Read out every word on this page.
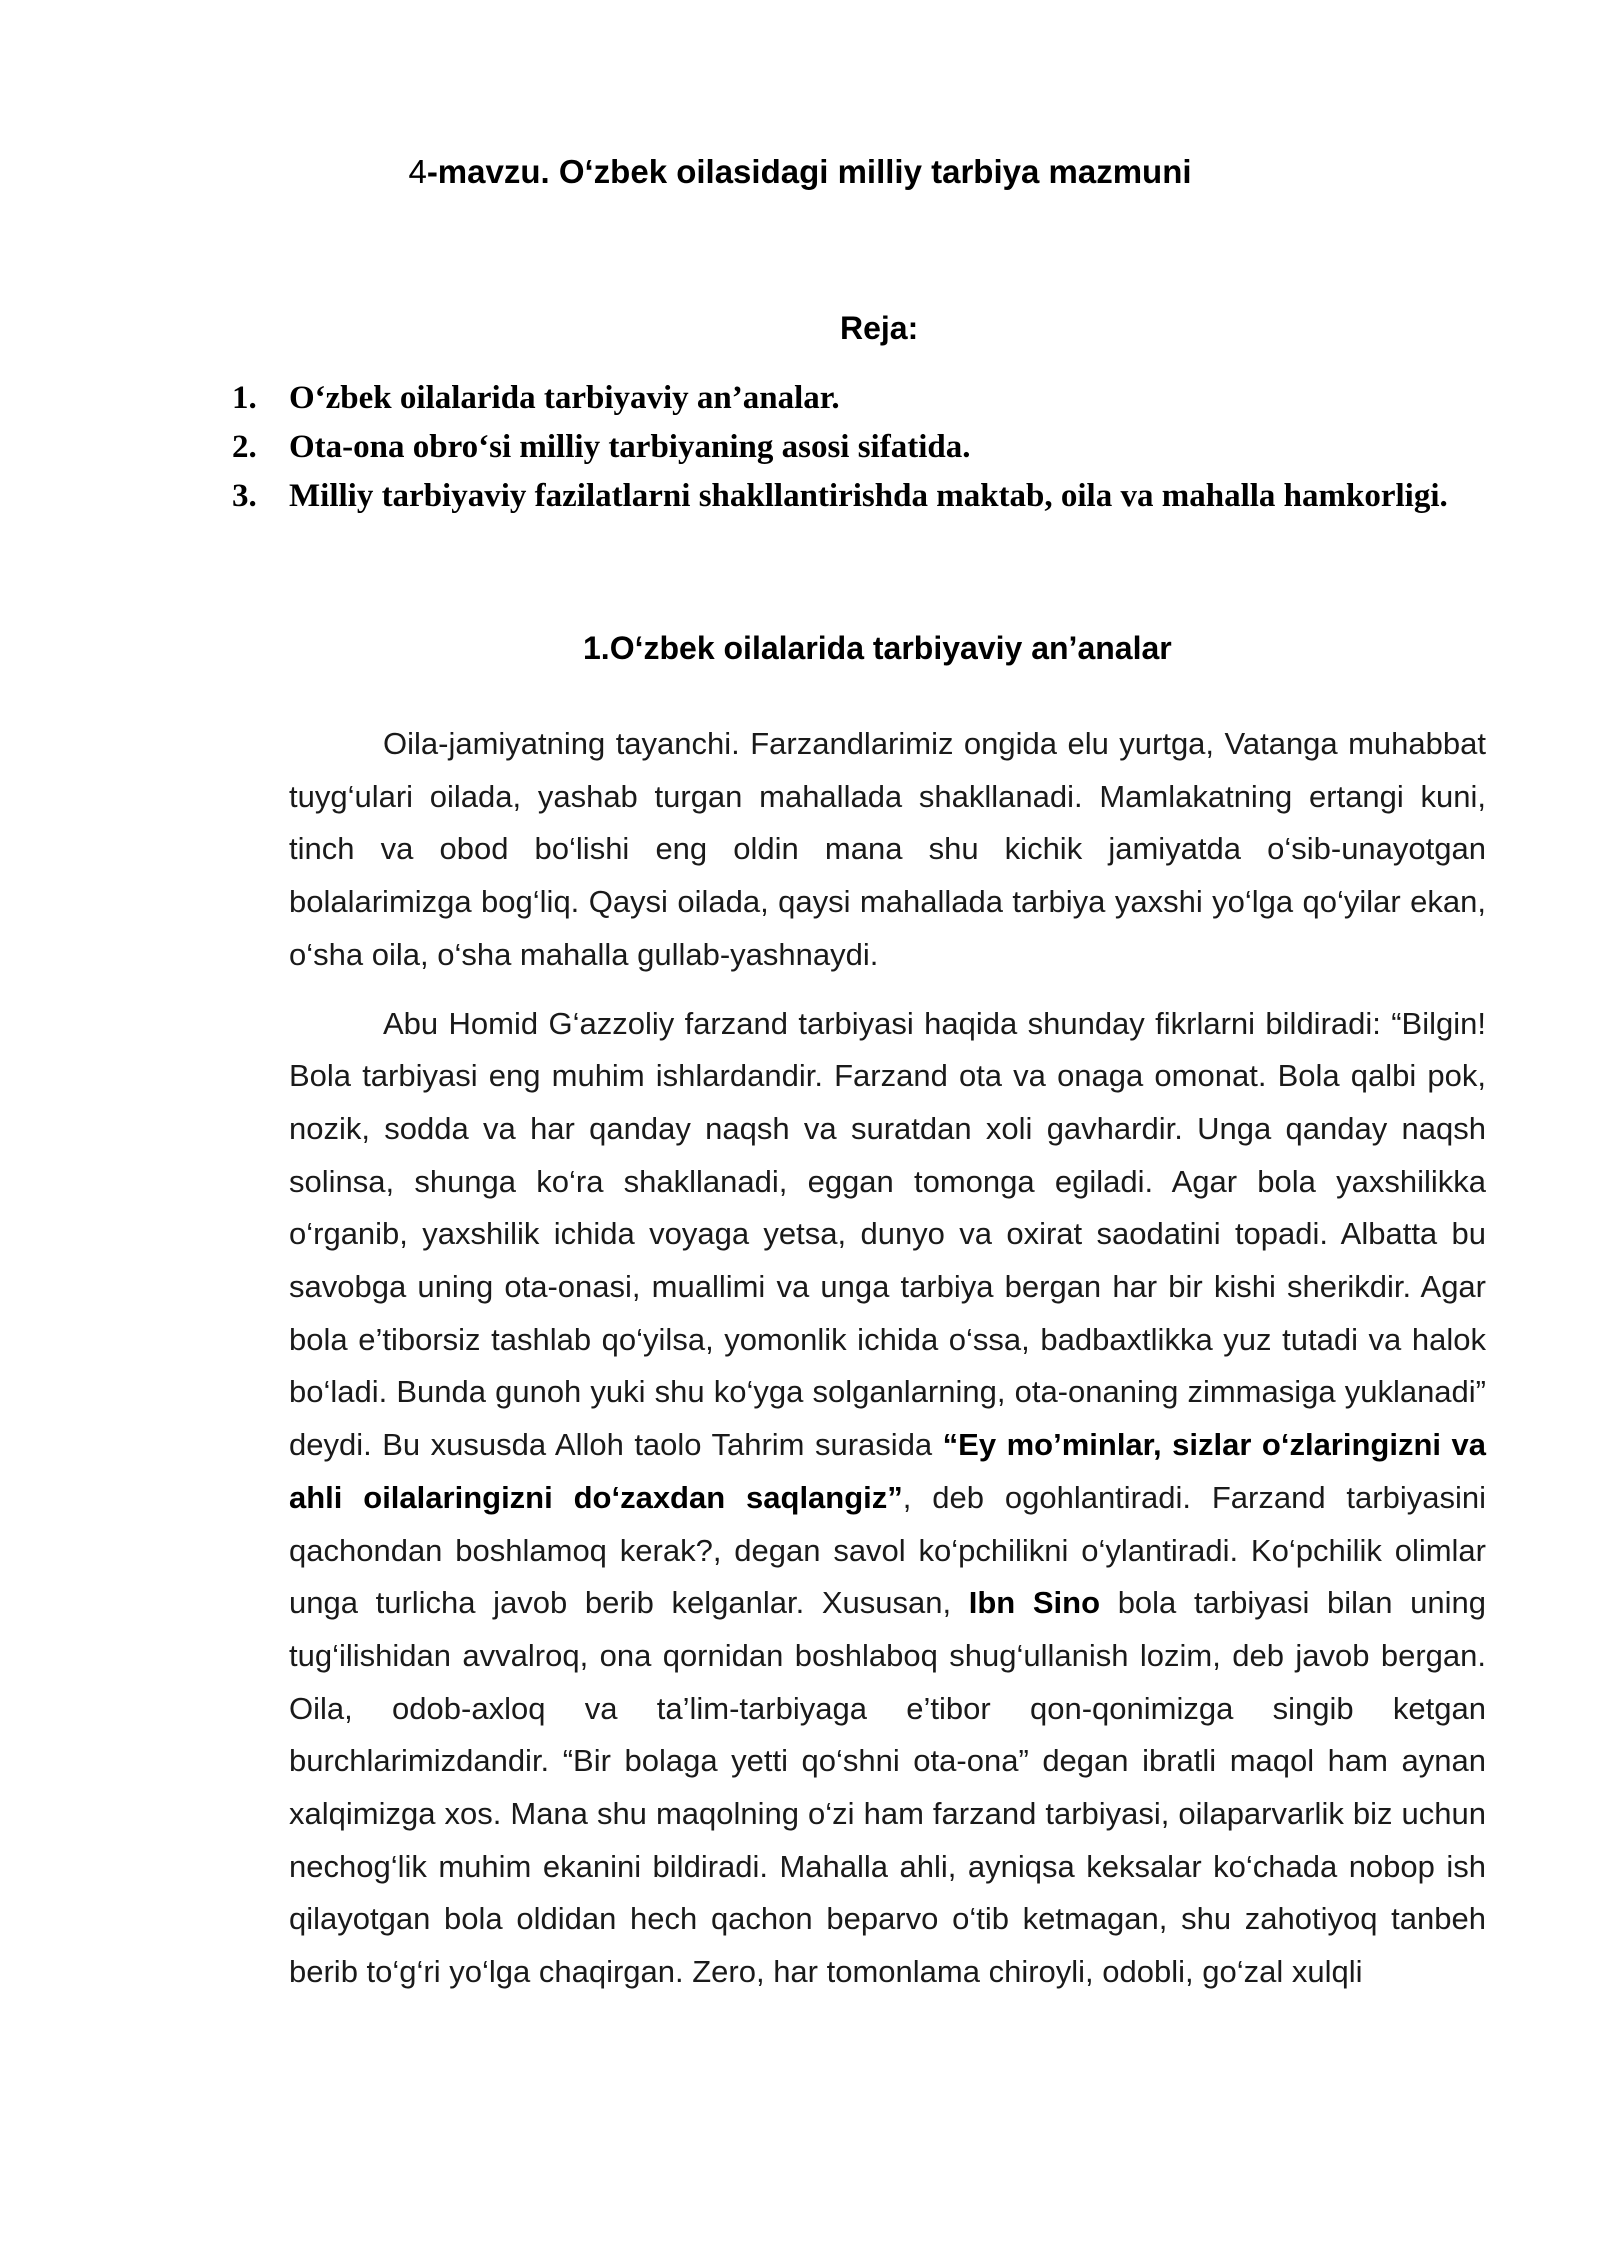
4-mavzu. O‘zbek oilasidagi milliy tarbiya mazmuni
Reja:
1. O‘zbek oilalarida tarbiyaviy an’analar.
2. Ota-ona obro‘si milliy tarbiyaning asosi sifatida.
3. Milliy tarbiyaviy fazilatlarni shakllantirishda maktab, oila va mahalla hamkorligi.
1.O‘zbek oilalarida tarbiyaviy an’analar

Oila-jamiyatning tayanchi. Farzandlarimiz ongida elu yurtga, Vatanga muhabbat tuyg‘ulari oilada, yashab turgan mahallada shakllanadi. Mamlakatning ertangi kuni, tinch va obod bo‘lishi eng oldin mana shu kichik jamiyatda o‘sib-unayotgan bolalarimizga bog‘liq. Qaysi oilada, qaysi mahallada tarbiya yaxshi yo‘lga qo‘yilar ekan, o‘sha oila, o‘sha mahalla gullab-yashnaydi.

Abu Homid G‘azzoliy farzand tarbiyasi haqida shunday fikrlarni bildiradi: “Bilgin! Bola tarbiyasi eng muhim ishlardandir. Farzand ota va onaga omonat. Bola qalbi pok, nozik, sodda va har qanday naqsh va suratdan xoli gavhardir. Unga qanday naqsh solinsa, shunga ko‘ra shakllanadi, eggan tomonga egiladi. Agar bola yaxshilikka o‘rganib, yaxshilik ichida voyaga yetsa, dunyo va oxirat saodatini topadi. Albatta bu savobga uning ota-onasi, muallimi va unga tarbiya bergan har bir kishi sherikdir. Agar bola e’tiborsiz tashlab qo‘yilsa, yomonlik ichida o‘ssa, badbaxtlikka yuz tutadi va halok bo‘ladi. Bunda gunoh yuki shu ko‘yga solganlarning, ota-onaning zimmasiga yuklanadi” deydi. Bu xususda Alloh taolo Tahrim surasida “Ey mo’minlar, sizlar o‘zlaringizni va ahli oilalaringizni do‘zaxdan saqlangiz”, deb ogohlantiradi. Farzand tarbiyasini qachondan boshlamoq kerak?, degan savol ko‘pchilikni o‘ylantiradi. Ko‘pchilik olimlar unga turlicha javob berib kelganlar. Xususan, Ibn Sino bola tarbiyasi bilan uning tug‘ilishidan avvalroq, ona qornidan boshlaboq shug‘ullanish lozim, deb javob bergan. Oila, odob-axloq va ta’lim-tarbiyaga e’tibor qon-qonimizga singib ketgan burchlarimizdandir. “Bir bolaga yetti qo‘shni ota-ona” degan ibratli maqol ham aynan xalqimizga xos. Mana shu maqolning o‘zi ham farzand tarbiyasi, oilaparvarlik biz uchun nechog‘lik muhim ekanini bildiradi. Mahalla ahli, ayniqsa keksalar ko‘chada nobop ish qilayotgan bola oldidan hech qachon beparvo o‘tib ketmagan, shu zahotiyoq tanbeh berib to‘g‘ri yo‘lga chaqirgan. Zero, har tomonlama chiroyli, odobli, go‘zal xulqli
